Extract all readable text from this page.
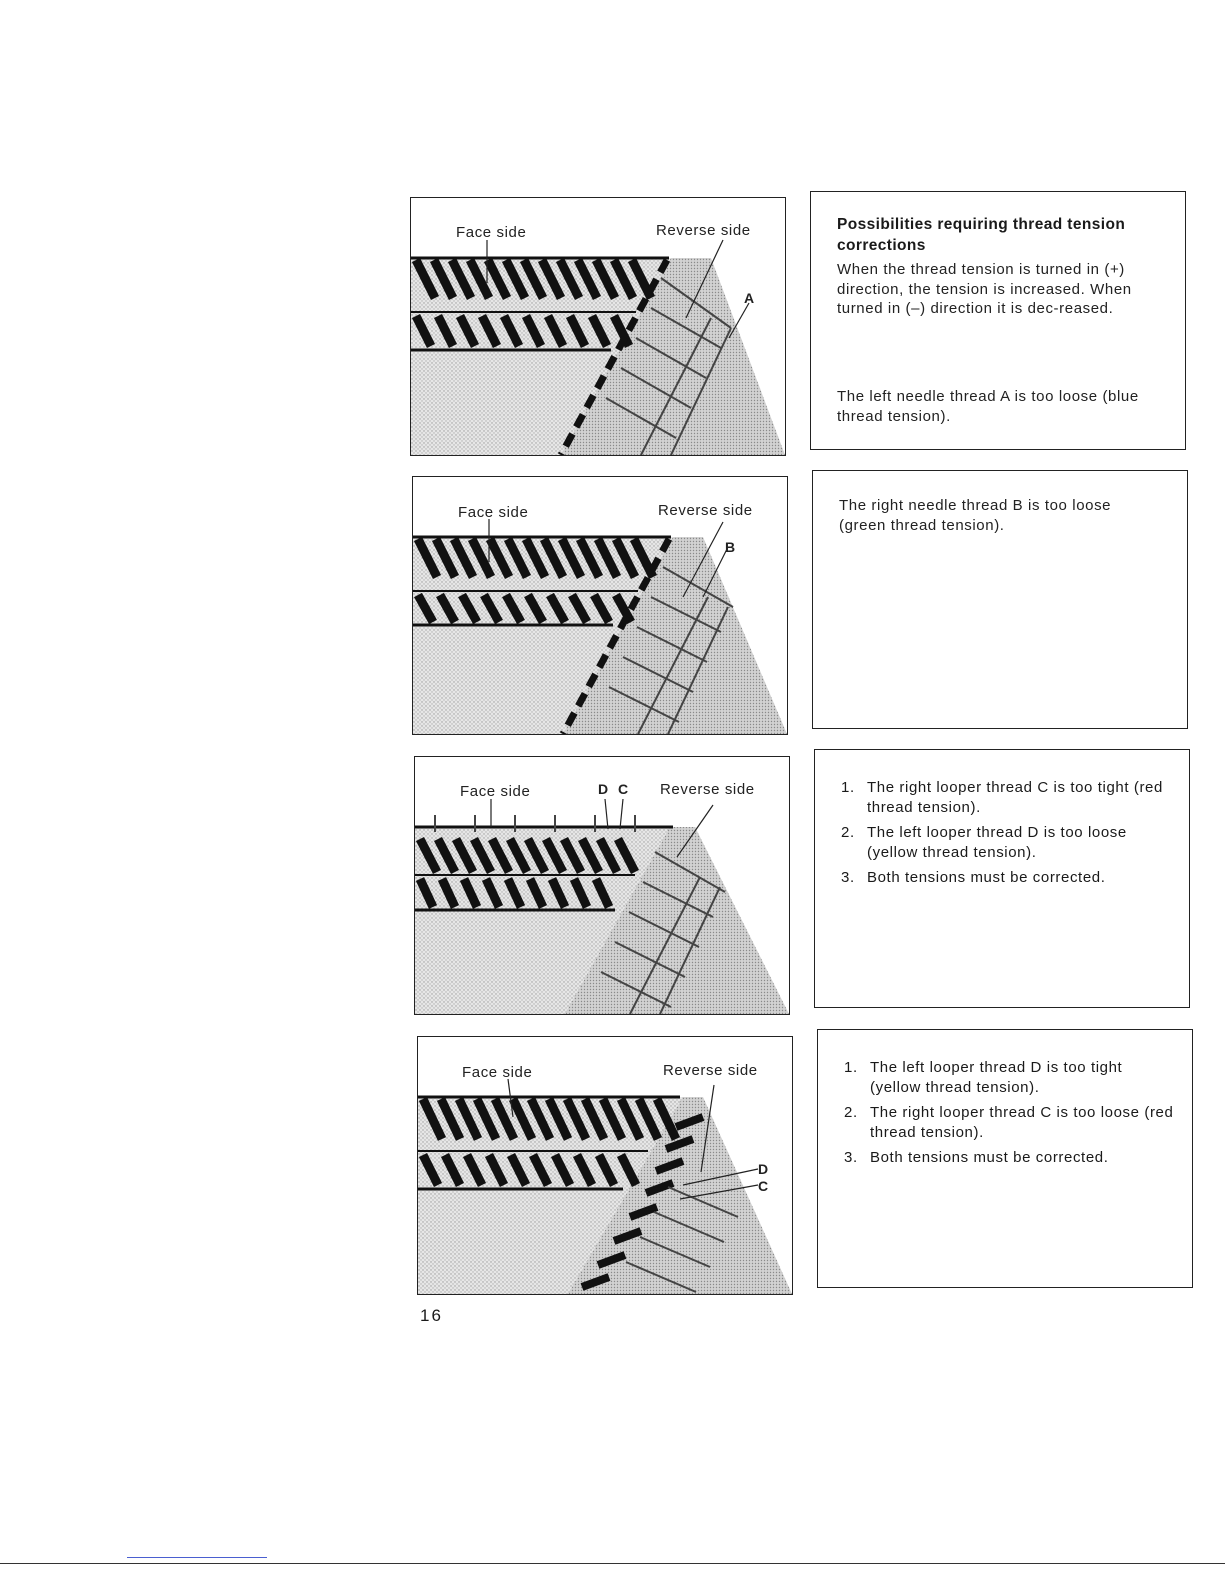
Face side	Reverse side
A
Face side	Reverse side
B
Face side	D C Reverse side
Face side	Reverse side
D
C
Possibilities requiring thread tension corrections
When the thread tension is turned in (+) direction, the tension is increased. When turned in (–) direction it is dec-reased.
The left needle thread A is too loose (blue thread tension).
The right needle thread B is too loose (green thread tension).
1. The right looper thread C is too tight (red thread tension).
2. The left looper thread D is too loose (yellow thread tension).
3. Both tensions must be corrected.
1. The left looper thread D is too tight (yellow thread tension).
2. The right looper thread C is too loose (red thread tension).
3. Both tensions must be corrected.
16
